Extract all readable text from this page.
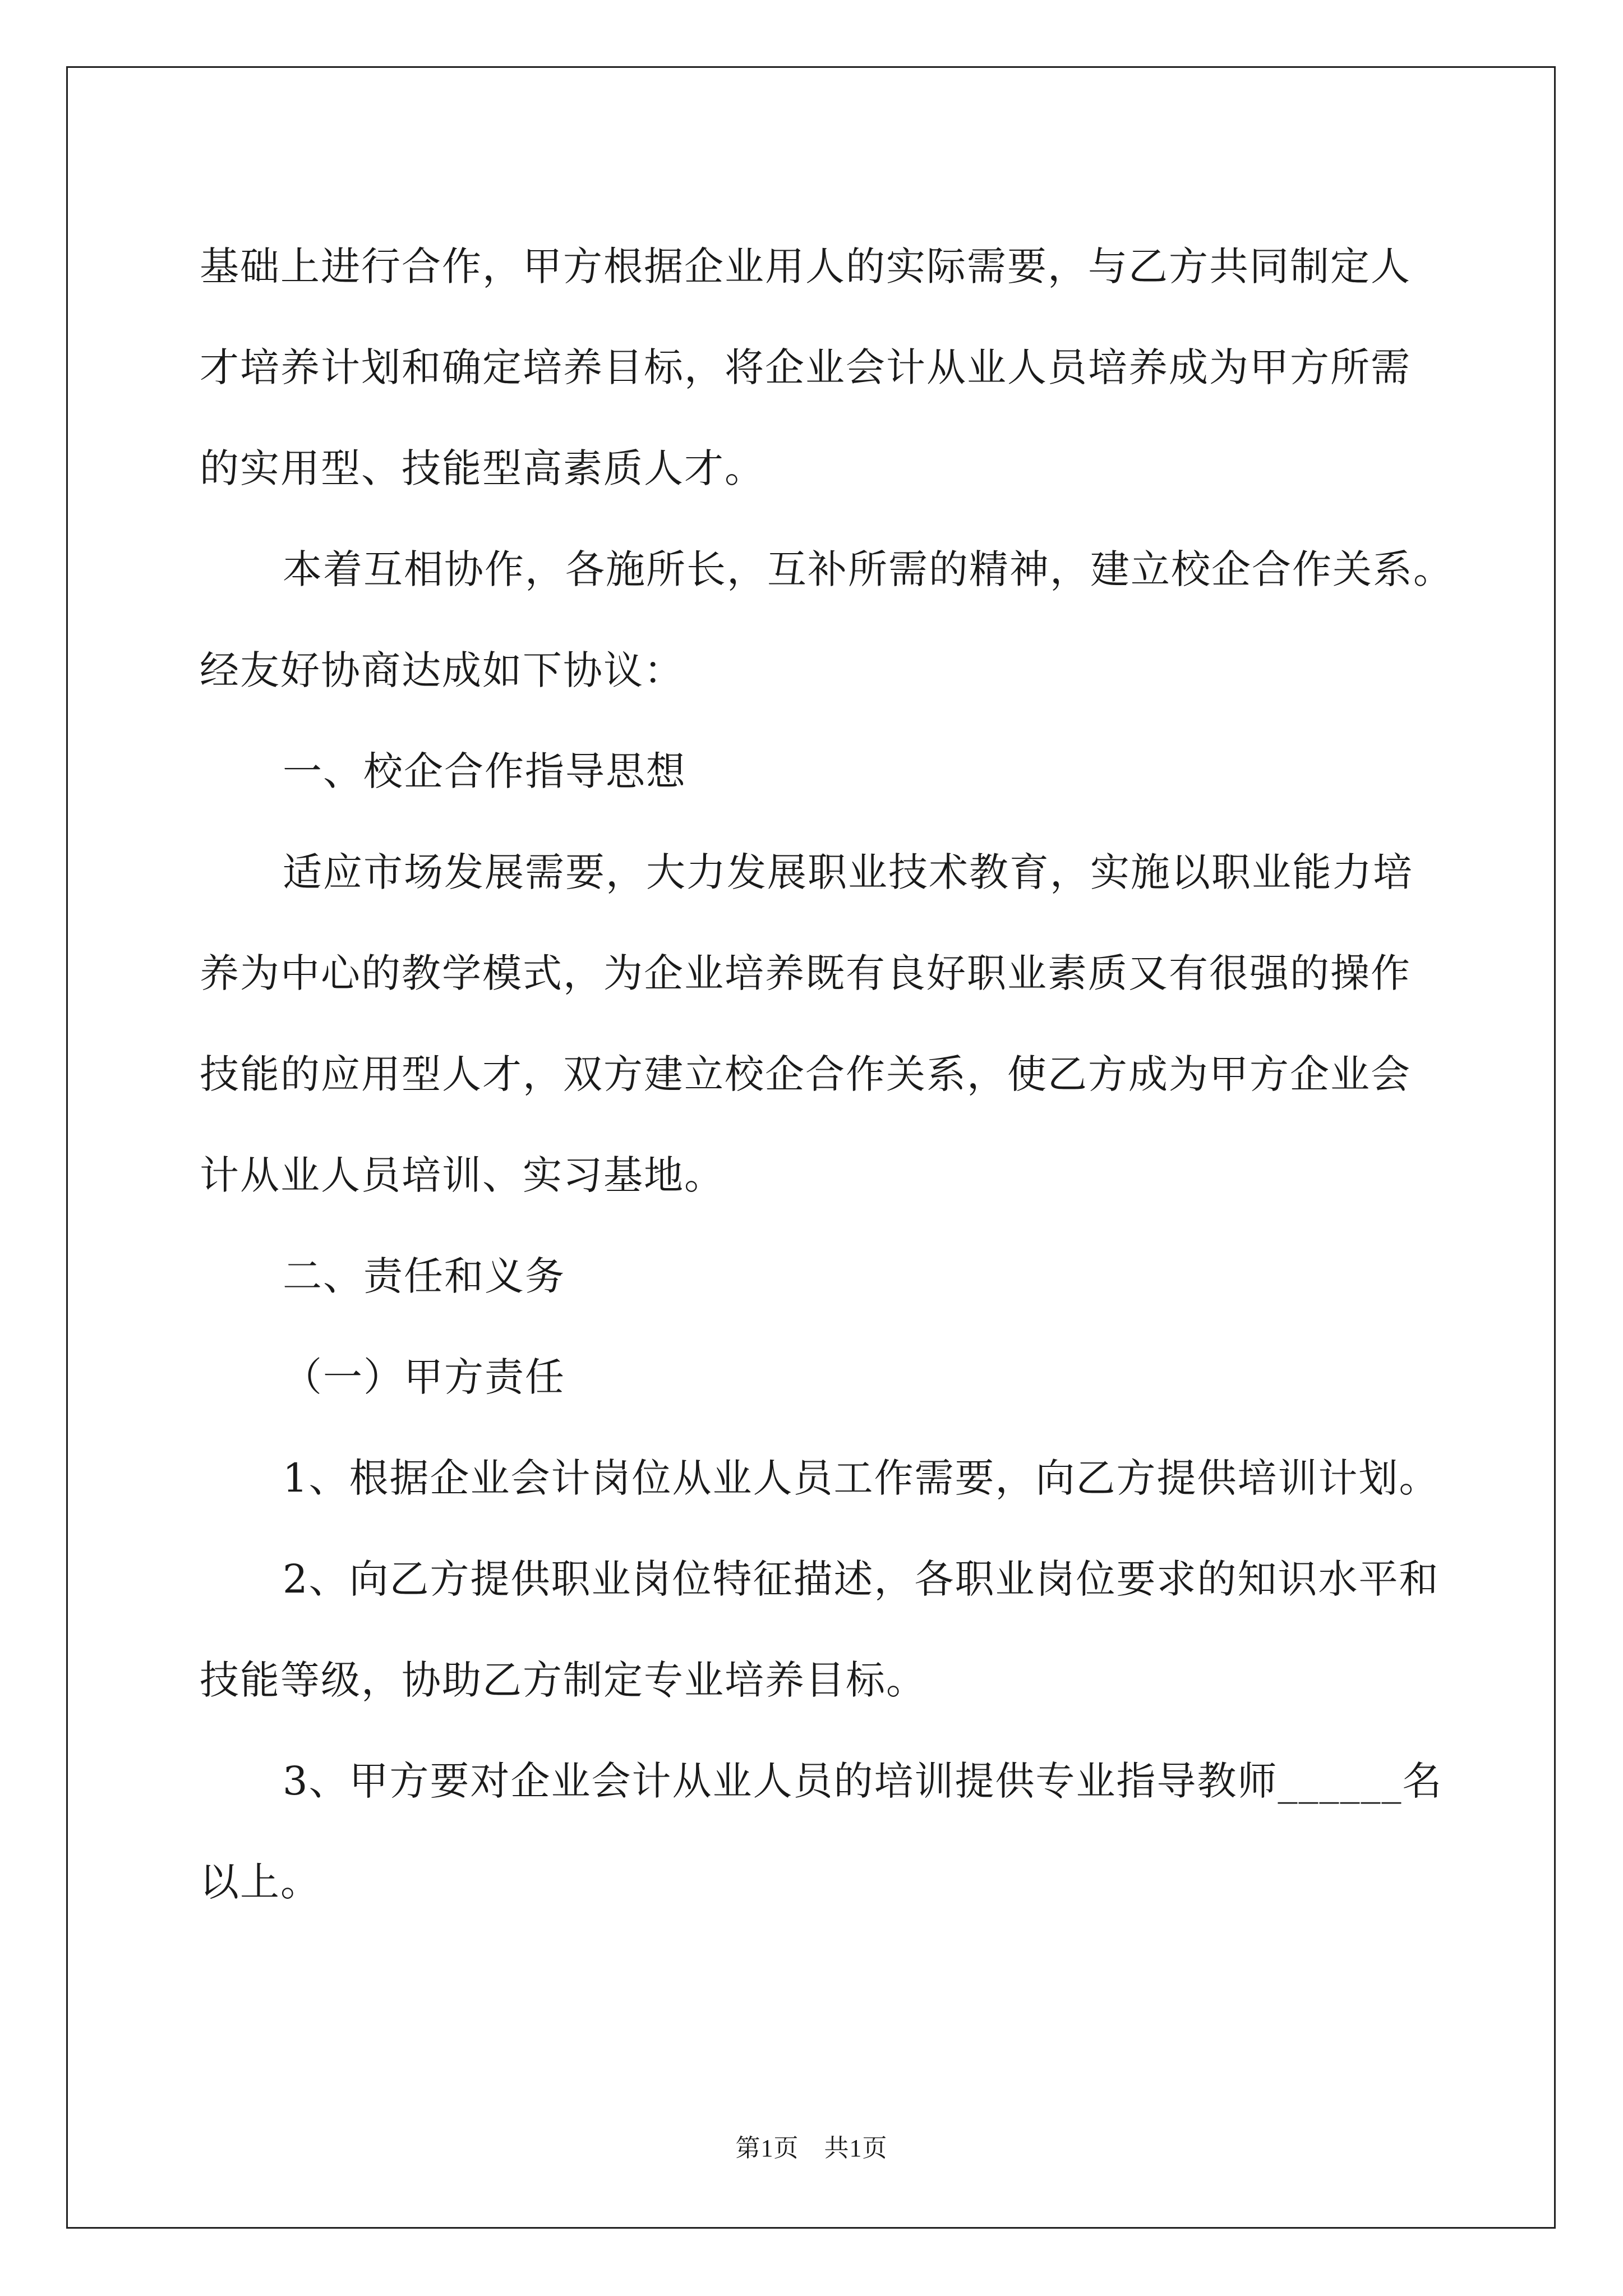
基础上进行合作，甲方根据企业用人的实际需要，与乙方共同制定人
才培养计划和确定培养目标，将企业会计从业人员培养成为甲方所需
的实用型、技能型高素质人才。
本着互相协作，各施所长，互补所需的精神，建立校企合作关系。
经友好协商达成如下协议：
一、校企合作指导思想
适应市场发展需要，大力发展职业技术教育，实施以职业能力培
养为中心的教学模式，为企业培养既有良好职业素质又有很强的操作
技能的应用型人才，双方建立校企合作关系，使乙方成为甲方企业会
计从业人员培训、实习基地。
二、责任和义务
（一）甲方责任
1、根据企业会计岗位从业人员工作需要，向乙方提供培训计划。
2、向乙方提供职业岗位特征描述，各职业岗位要求的知识水平和
技能等级，协助乙方制定专业培养目标。
3、甲方要对企业会计从业人员的培训提供专业指导教师______名
以上。
第1页　共1页
